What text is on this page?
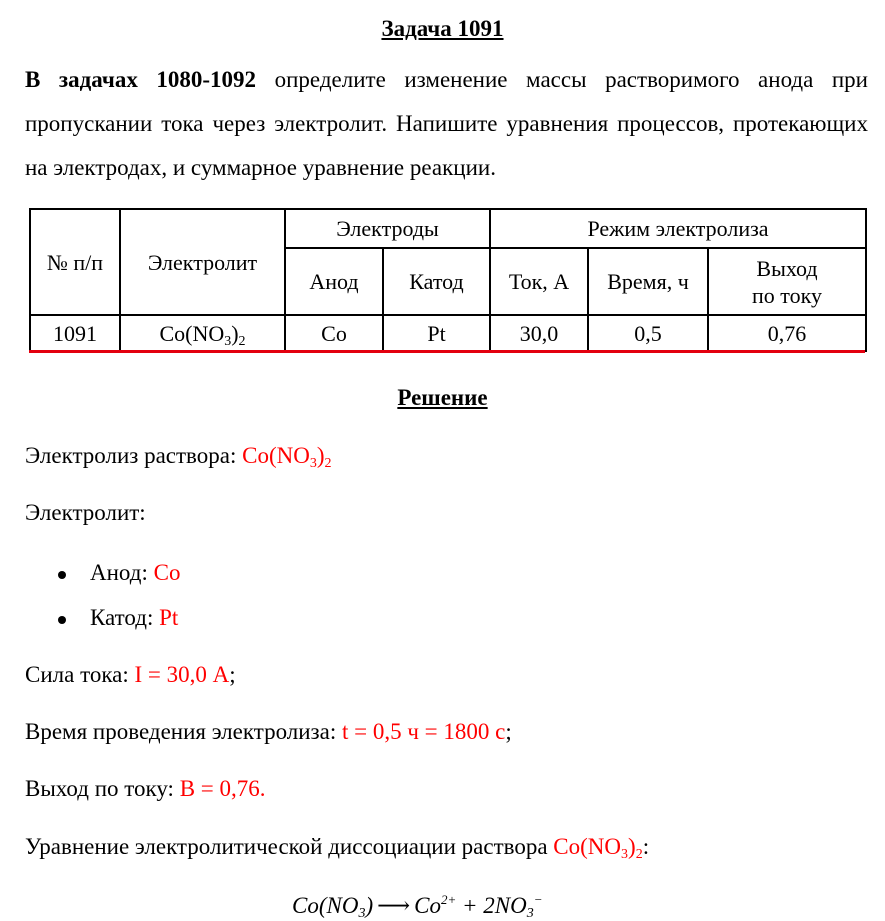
Задача 1091
В задачах 1080-1092 определите изменение массы растворимого анода при пропускании тока через электролит. Напишите уравнения процессов, протекающих на электродах, и суммарное уравнение реакции.
№ п/п	Электролит	Электроды		Режим электролиза		
		Анод	Катод	Ток, А	Время, ч	Выход
по току
1091	$Co(NO_3)_2$	Co	Pt	30,0	0,5	0,76
Решение
Электролиз раствора: $Co(NO_3)_2$
Электролит:
Анод: Co
Катод: Pt
Сила тока: I = 30,0 А;
Время проведения электролиза: t = 0,5 ч = 1800 с;
Выход по току: В = 0,76.
Уравнение электролитической диссоциации раствора $Co(NO_3)_2$:
$Co(NO_3)$ ⟶ $Co^{2+} + 2NO_3^-$
